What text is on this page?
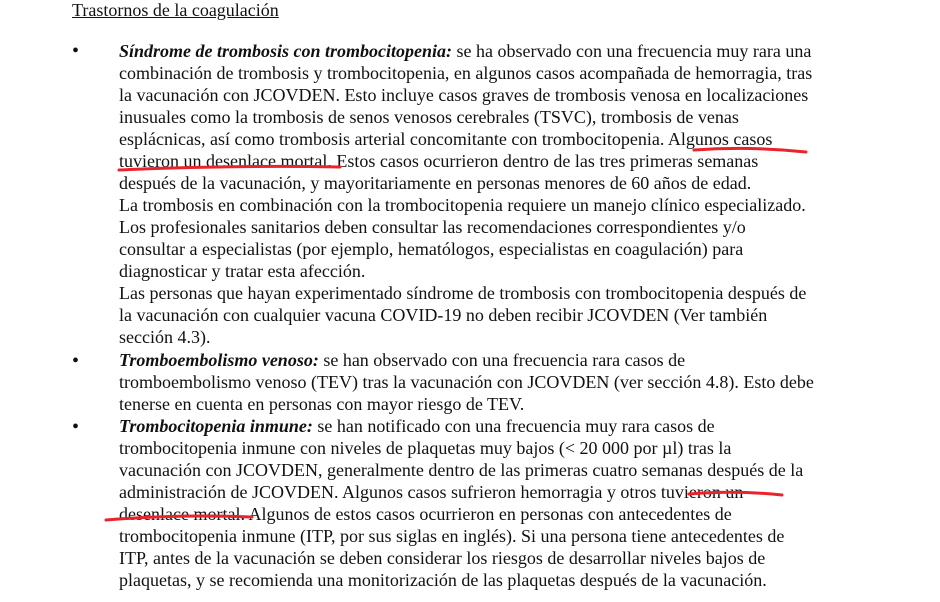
Trastornos de la coagulación
• Síndrome de trombosis con trombocitopenia: se ha observado con una frecuencia muy rara una
combinación de trombosis y trombocitopenia, en algunos casos acompañada de hemorragia, tras
la vacunación con JCOVDEN. Esto incluye casos graves de trombosis venosa en localizaciones
inusuales como la trombosis de senos venosos cerebrales (TSVC), trombosis de venas
esplácnicas, así como trombosis arterial concomitante con trombocitopenia. Algunos casos
tuvieron un desenlace mortal. Estos casos ocurrieron dentro de las tres primeras semanas
después de la vacunación, y mayoritariamente en personas menores de 60 años de edad.
La trombosis en combinación con la trombocitopenia requiere un manejo clínico especializado.
Los profesionales sanitarios deben consultar las recomendaciones correspondientes y/o
consultar a especialistas (por ejemplo, hematólogos, especialistas en coagulación) para
diagnosticar y tratar esta afección.
Las personas que hayan experimentado síndrome de trombosis con trombocitopenia después de
la vacunación con cualquier vacuna COVID-19 no deben recibir JCOVDEN (Ver también
sección 4.3).
• Tromboembolismo venoso: se han observado con una frecuencia rara casos de
tromboembolismo venoso (TEV) tras la vacunación con JCOVDEN (ver sección 4.8). Esto debe
tenerse en cuenta en personas con mayor riesgo de TEV.
• Trombocitopenia inmune: se han notificado con una frecuencia muy rara casos de
trombocitopenia inmune con niveles de plaquetas muy bajos (< 20 000 por µl) tras la
vacunación con JCOVDEN, generalmente dentro de las primeras cuatro semanas después de la
administración de JCOVDEN. Algunos casos sufrieron hemorragia y otros tuvieron un
desenlace mortal. Algunos de estos casos ocurrieron en personas con antecedentes de
trombocitopenia inmune (ITP, por sus siglas en inglés). Si una persona tiene antecedentes de
ITP, antes de la vacunación se deben considerar los riesgos de desarrollar niveles bajos de
plaquetas, y se recomienda una monitorización de las plaquetas después de la vacunación.
